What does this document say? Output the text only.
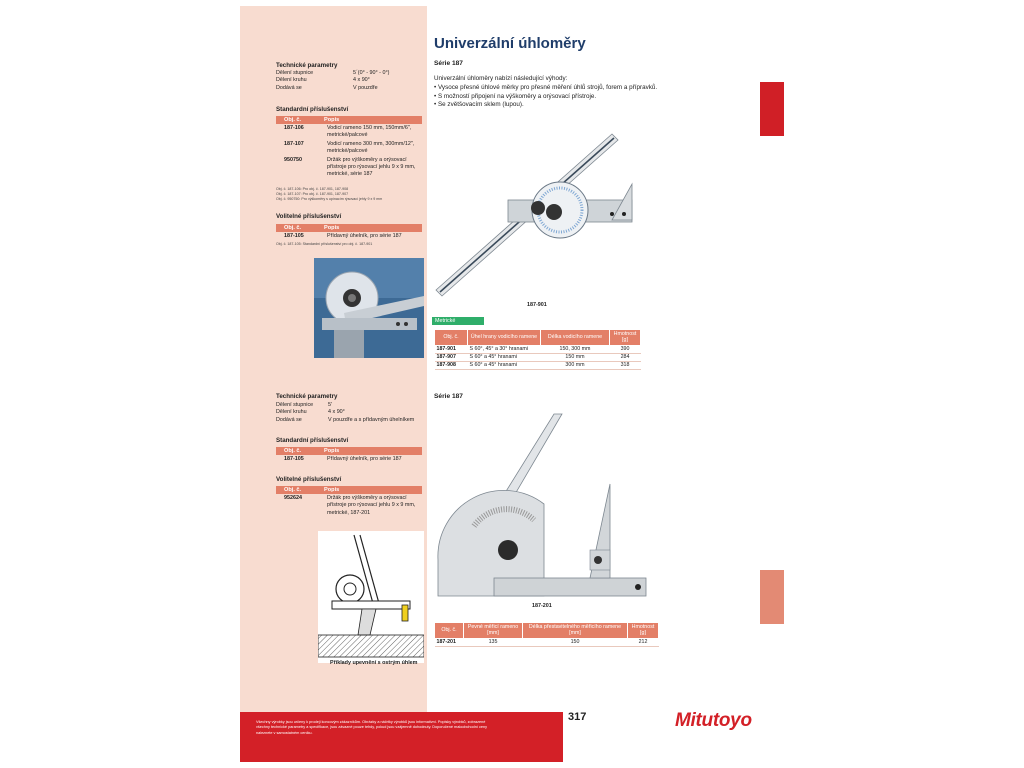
Technické parametry
Dělení stupnice	5´(0° - 90° - 0°)
Dělení kruhu	4 x 90°
Dodává se	V pouzdře
Standardní příslušenství
Obj. č.	Popis
187-106	Vodicí rameno 150 mm, 150mm/6",
metrické/palcové
187-107	Vodicí rameno 300 mm, 300mm/12",
metrické/palcové
950750	Držák pro výškoměry a orýsovací
přístroje pro rýsovací jehlu 9 x 9 mm,
metrické, série 187
Obj. č. 187-106: Pro obj. č. 187-901, 187-908
Obj. č. 187-107: Pro obj. č. 187-901, 187-907
Obj. č. 950750: Pro výškoměry s upínacím rýsovací jehly 9 x 9 mm
Volitelné příslušenství
Obj. č.	Popis
187-105	Přídavný úhelník, pro série 187
Obj. č. 187-105: Standardní příslušenství pro obj. č. 187-901
Technické parametry
Dělení stupnice	5'
Dělení kruhu	4 x 90°
Dodává se	V pouzdře a s přídavným úhelníkem
Standardní příslušenství
Obj. č.	Popis
187-105	Přídavný úhelník, pro série 187
Volitelné příslušenství
Obj. č.	Popis
952624	Držák pro výškoměry a orýsovací
přístroje pro rýsovací jehlu 9 x 9 mm,
metrické, 187-201
Příklady upevnění s ostrým úhlem
Univerzální úhloměry
Série 187
Univerzální úhloměry nabízí následující výhody:
• Vysoce přesné úhlové měrky pro přesné měření úhlů strojů, forem a přípravků.
• S možností připojení na výškoměry a orýsovací přístroje.
• Se zvětšovacím sklem (lupou).
187-901
Metrické
Obj. č.	Úhel hrany vodicího ramene	Délka vodicího ramene	Hmotnost [g]
187-901	S 60°, 45° a 30° hranami	150, 300 mm	390
187-907	S 60° a 45° hranami	150 mm	284
187-908	S 60° a 45° hranami	300 mm	318
Série 187
187-201
Obj. č.	Pevné měřicí rameno [mm]	Délka přestavitelného měřicího ramene [mm]	Hmotnost [g]
187-201	135	150	212
Všechny výrobky jsou určeny k prodeji koncovým zákazníkům. Obrázky a náčrtky výrobků jsou informativní. Popisky výrobků, zobrazené
všechny technické parametry a specifikace, jsou závazné pouze tehdy, pokud jsou vzájemně dohodnuty. Doporučené maloobchodní ceny
naleznete v samostatném ceníku.
317	Mitutoyo
